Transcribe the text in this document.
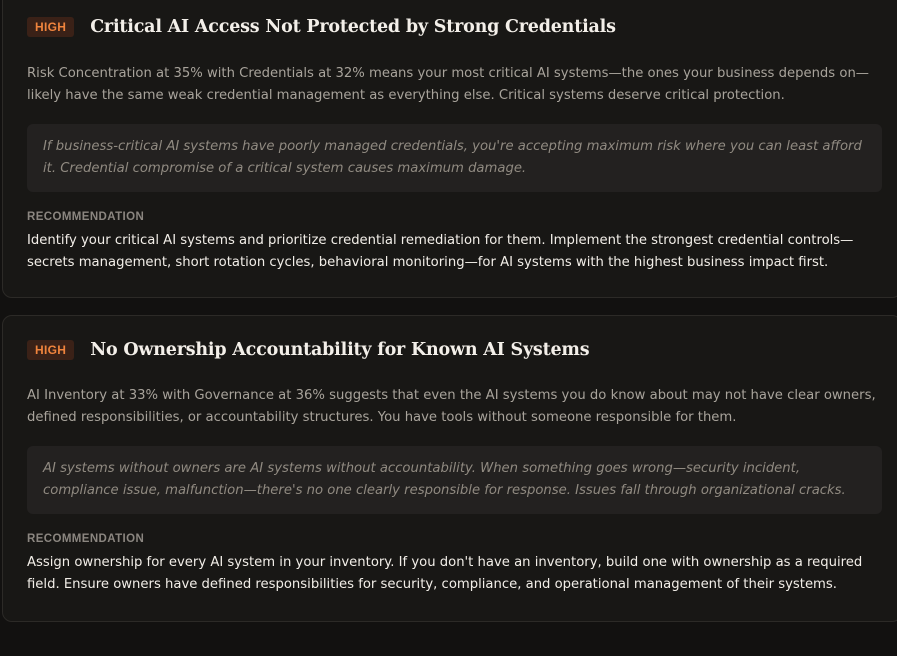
HIGH	Critical AI Access Not Protected by Strong Credentials

Risk Concentration at 35% with Credentials at 32% means your most critical AI systems—the ones your business depends on—likely have the same weak credential management as everything else. Critical systems deserve critical protection.

If business-critical AI systems have poorly managed credentials, you're accepting maximum risk where you can least afford it. Credential compromise of a critical system causes maximum damage.
RECOMMENDATION

Identify your critical AI systems and prioritize credential remediation for them. Implement the strongest credential controls—secrets management, short rotation cycles, behavioral monitoring—for AI systems with the highest business impact first.

HIGH	No Ownership Accountability for Known AI Systems

AI Inventory at 33% with Governance at 36% suggests that even the AI systems you do know about may not have clear owners, defined responsibilities, or accountability structures. You have tools without someone responsible for them.

AI systems without owners are AI systems without accountability. When something goes wrong—security incident, compliance issue, malfunction—there's no one clearly responsible for response. Issues fall through organizational cracks.
RECOMMENDATION

Assign ownership for every AI system in your inventory. If you don't have an inventory, build one with ownership as a required field. Ensure owners have defined responsibilities for security, compliance, and operational management of their systems.
